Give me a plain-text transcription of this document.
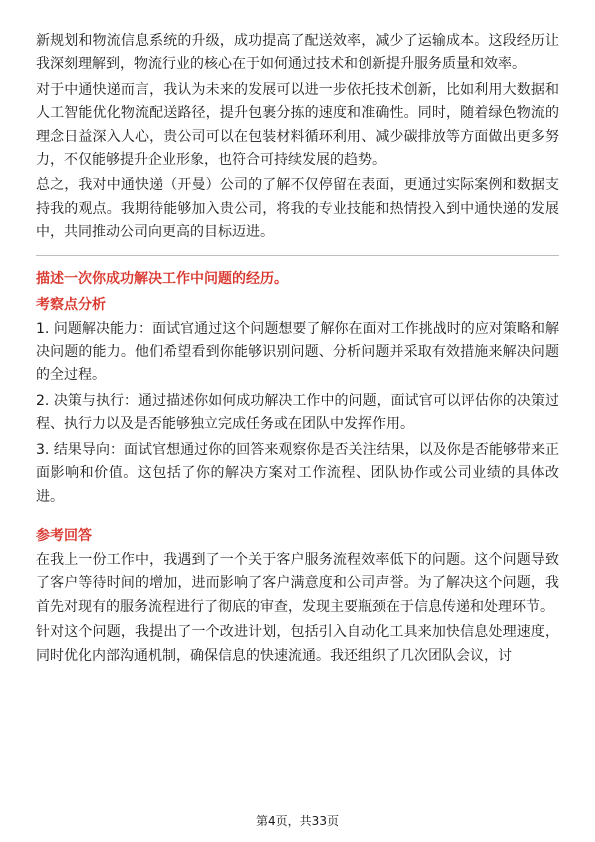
新规划和物流信息系统的升级，成功提高了配送效率，减少了运输成本。这段经历让我深刻理解到，物流行业的核心在于如何通过技术和创新提升服务质量和效率。

对于中通快递而言，我认为未来的发展可以进一步依托技术创新，比如利用大数据和人工智能优化物流配送路径，提升包裹分拣的速度和准确性。同时，随着绿色物流的理念日益深入人心，贵公司可以在包装材料循环利用、减少碳排放等方面做出更多努力，不仅能够提升企业形象，也符合可持续发展的趋势。

总之，我对中通快递（开曼）公司的了解不仅停留在表面，更通过实际案例和数据支持我的观点。我期待能够加入贵公司，将我的专业技能和热情投入到中通快递的发展中，共同推动公司向更高的目标迈进。

描述一次你成功解决工作中问题的经历。

考察点分析

1. 问题解决能力：面试官通过这个问题想要了解你在面对工作挑战时的应对策略和解决问题的能力。他们希望看到你能够识别问题、分析问题并采取有效措施来解决问题的全过程。

2. 决策与执行：通过描述你如何成功解决工作中的问题，面试官可以评估你的决策过程、执行力以及是否能够独立完成任务或在团队中发挥作用。

3. 结果导向：面试官想通过你的回答来观察你是否关注结果，以及你是否能够带来正面影响和价值。这包括了你的解决方案对工作流程、团队协作或公司业绩的具体改进。

参考回答

在我上一份工作中，我遇到了一个关于客户服务流程效率低下的问题。这个问题导致了客户等待时间的增加，进而影响了客户满意度和公司声誉。为了解决这个问题，我首先对现有的服务流程进行了彻底的审查，发现主要瓶颈在于信息传递和处理环节。

针对这个问题，我提出了一个改进计划，包括引入自动化工具来加快信息处理速度，同时优化内部沟通机制，确保信息的快速流通。我还组织了几次团队会议，讨

第4页，共33页
